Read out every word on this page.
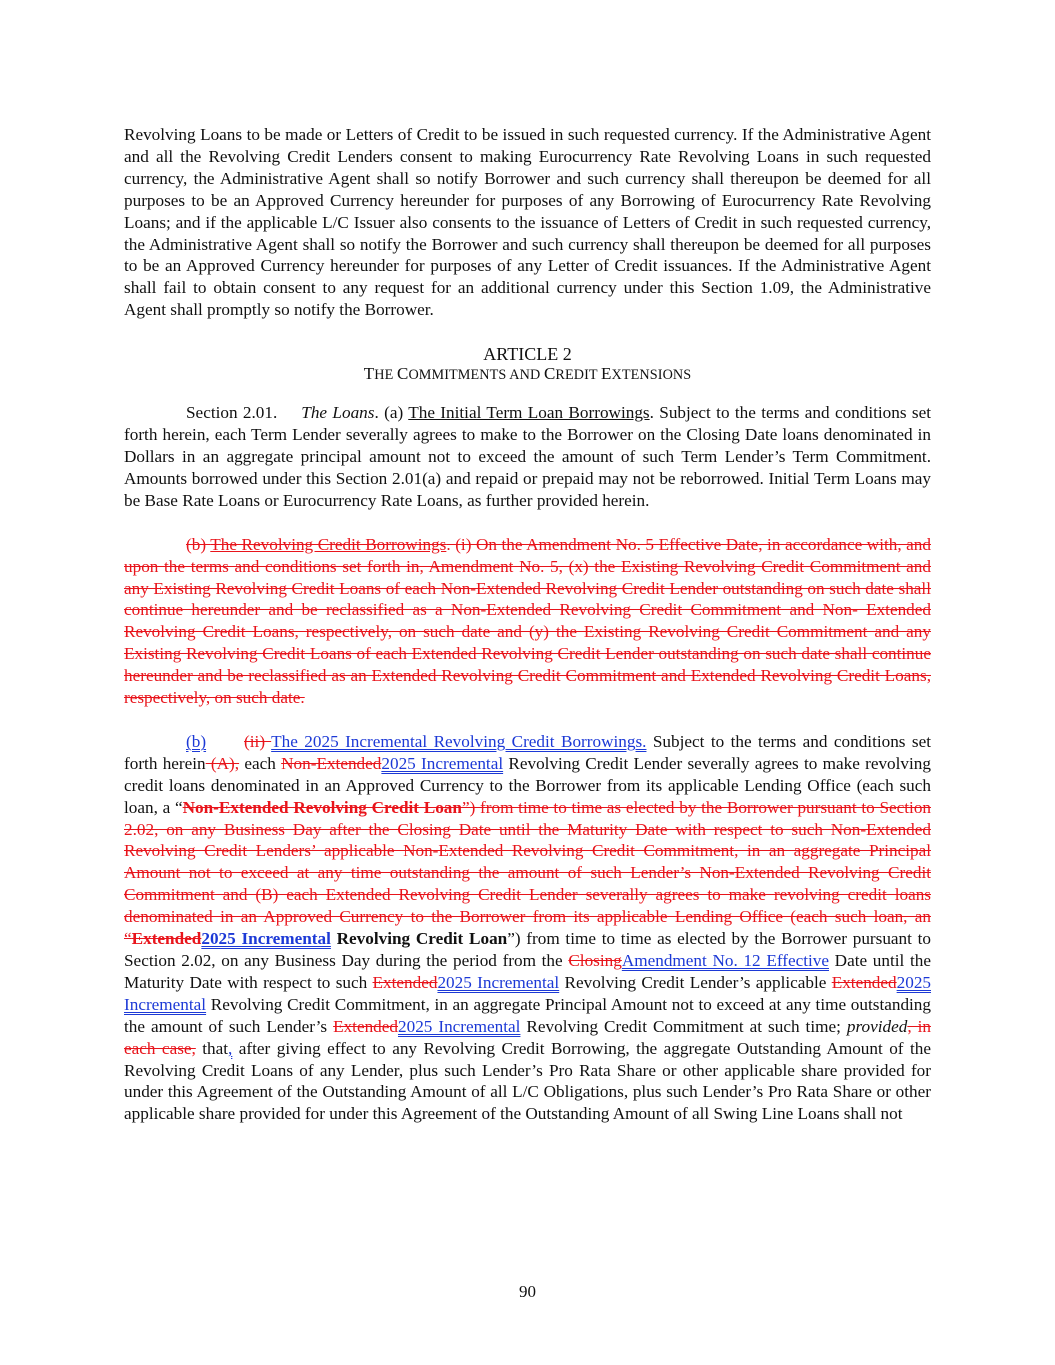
Revolving Loans to be made or Letters of Credit to be issued in such requested currency. If the Administrative Agent and all the Revolving Credit Lenders consent to making Eurocurrency Rate Revolving Loans in such requested currency, the Administrative Agent shall so notify Borrower and such currency shall thereupon be deemed for all purposes to be an Approved Currency hereunder for purposes of any Borrowing of Eurocurrency Rate Revolving Loans; and if the applicable L/C Issuer also consents to the issuance of Letters of Credit in such requested currency, the Administrative Agent shall so notify the Borrower and such currency shall thereupon be deemed for all purposes to be an Approved Currency hereunder for purposes of any Letter of Credit issuances. If the Administrative Agent shall fail to obtain consent to any request for an additional currency under this Section 1.09, the Administrative Agent shall promptly so notify the Borrower.

ARTICLE 2

THE COMMITMENTS AND CREDIT EXTENSIONS

Section 2.01. The Loans. (a) The Initial Term Loan Borrowings. Subject to the terms and conditions set forth herein, each Term Lender severally agrees to make to the Borrower on the Closing Date loans denominated in Dollars in an aggregate principal amount not to exceed the amount of such Term Lender’s Term Commitment. Amounts borrowed under this Section 2.01(a) and repaid or prepaid may not be reborrowed. Initial Term Loans may be Base Rate Loans or Eurocurrency Rate Loans, as further provided herein.

(b) The Revolving Credit Borrowings. (i) On the Amendment No. 5 Effective Date, in accordance with, and upon the terms and conditions set forth in, Amendment No. 5, (x) the Existing Revolving Credit Commitment and any Existing Revolving Credit Loans of each Non-Extended Revolving Credit Lender outstanding on such date shall continue hereunder and be reclassified as a Non-Extended Revolving Credit Commitment and Non- Extended Revolving Credit Loans, respectively, on such date and (y) the Existing Revolving Credit Commitment and any Existing Revolving Credit Loans of each Extended Revolving Credit Lender outstanding on such date shall continue hereunder and be reclassified as an Extended Revolving Credit Commitment and Extended Revolving Credit Loans, respectively, on such date.

(b) (ii) The 2025 Incremental Revolving Credit Borrowings. Subject to the terms and conditions set forth herein (A), each Non-Extended2025 Incremental Revolving Credit Lender severally agrees to make revolving credit loans denominated in an Approved Currency to the Borrower from its applicable Lending Office (each such loan, a “Non-Extended Revolving Credit Loan”) from time to time as elected by the Borrower pursuant to Section 2.02, on any Business Day after the Closing Date until the Maturity Date with respect to such Non-Extended Revolving Credit Lenders’ applicable Non-Extended Revolving Credit Commitment, in an aggregate Principal Amount not to exceed at any time outstanding the amount of such Lender’s Non-Extended Revolving Credit Commitment and (B) each Extended Revolving Credit Lender severally agrees to make revolving credit loans denominated in an Approved Currency to the Borrower from its applicable Lending Office (each such loan, an “Extended2025 Incremental Revolving Credit Loan”) from time to time as elected by the Borrower pursuant to Section 2.02, on any Business Day during the period from the ClosingAmendment No. 12 Effective Date until the Maturity Date with respect to such Extended2025 Incremental Revolving Credit Lender’s applicable Extended2025 Incremental Revolving Credit Commitment, in an aggregate Principal Amount not to exceed at any time outstanding the amount of such Lender’s Extended2025 Incremental Revolving Credit Commitment at such time; provided, in each case, that, after giving effect to any Revolving Credit Borrowing, the aggregate Outstanding Amount of the Revolving Credit Loans of any Lender, plus such Lender’s Pro Rata Share or other applicable share provided for under this Agreement of the Outstanding Amount of all L/C Obligations, plus such Lender’s Pro Rata Share or other applicable share provided for under this Agreement of the Outstanding Amount of all Swing Line Loans shall not

90
